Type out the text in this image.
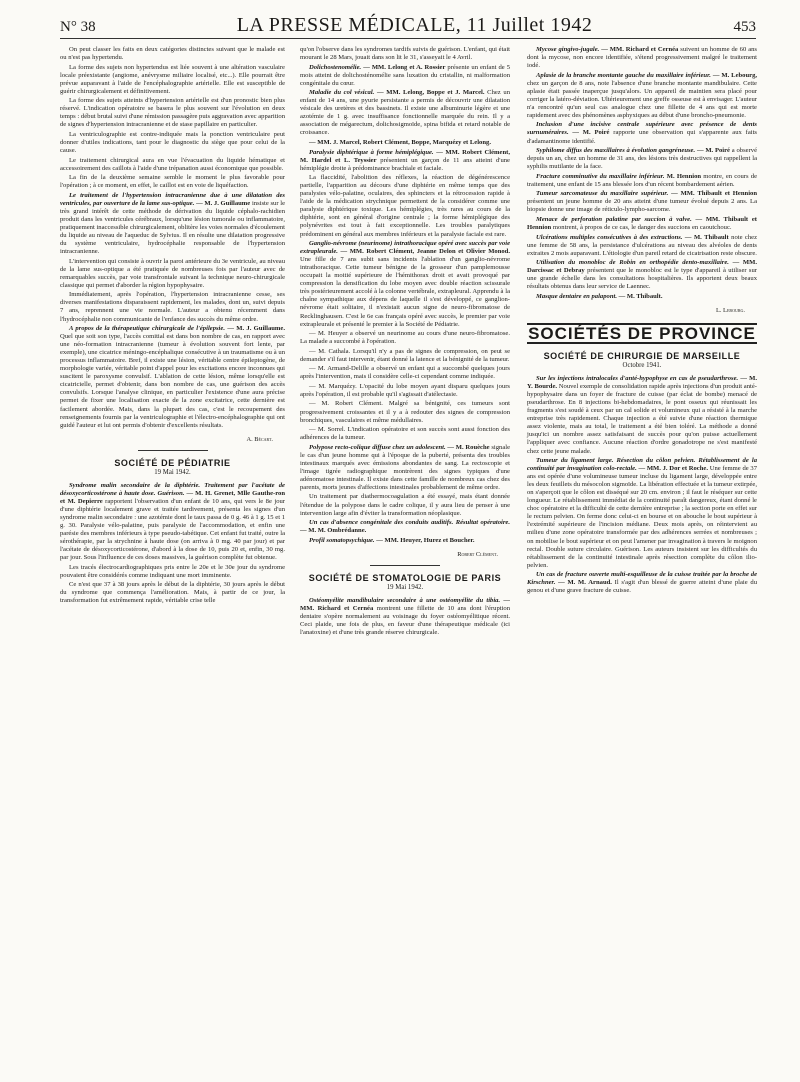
N° 38	LA PRESSE MÉDICALE, 11 Juillet 1942	453

On peut classer les faits en deux catégories distinctes suivant que le malade est ou n'est pas hypertendu.

La forme des sujets non hypertendus est liée souvent à une altération vasculaire locale préexistante (angiome, anévrysme miliaire localisé, etc...). Elle pourrait être prévue auparavant à l'aide de l'encéphalographie artérielle. Elle est susceptible de guérir chirurgicalement et définitivement.

La forme des sujets atteints d'hypertension artérielle est d'un pronostic bien plus réservé. L'indication opératoire se basera le plus souvent sur l'évolution en deux temps : début brutal suivi d'une rémission passagère puis aggravation avec apparition de signes d'hypertension intracranienne et de stase papillaire en particulier.

La ventriculographie est contre-indiquée mais la ponction ventriculaire peut donner d'utiles indications, tant pour le diagnostic du siège que pour celui de la cause.

Le traitement chirurgical aura en vue l'évacuation du liquide hématique et accessoirement des caillots à l'aide d'une trépanation aussi économique que possible.

La fin de la deuxième semaine semble le moment le plus favorable pour l'opération ; à ce moment, en effet, le caillot est en voie de liquéfaction.

Le traitement de l'hypertension intracranienne due à une dilatation des ventricules, par ouverture de la lame sus-optique. — M. J. Guillaume insiste sur le très grand intérêt de cette méthode de dérivation du liquide céphalo-rachidien produit dans les ventricules cérébraux, lorsqu'une lésion tumorale ou inflammatoire, pratiquement inaccessible chirurgicalement, oblitère les voies normales d'écoulement du liquide au niveau de l'aqueduc de Sylvius. Il en résulte une dilatation progressive du système ventriculaire, hydrocéphalie responsable de l'hypertension intracranienne.

L'intervention qui consiste à ouvrir la paroi antérieure du 3e ventricule, au niveau de la lame sus-optique a été pratiquée de nombreuses fois par l'auteur avec de remarquables succès, par voie transfrontale suivant la technique neuro-chirurgicale classique qui permet d'aborder la région hypophysaire.

Immédiatement, après l'opération, l'hypertension intracranienne cesse, ses diverses manifestations disparaissent rapidement, les malades, dont un, suivi depuis 7 ans, reprennent une vie normale. L'auteur a obtenu récemment dans l'hydrocéphalie non communicante de l'enfance des succès du même ordre.

A propos de la thérapeutique chirurgicale de l'épilepsie. — M. J. Guillaume. Quel que soit son type, l'accès comitial est dans bon nombre de cas, en rapport avec une néo-formation intracranienne (tumeur à évolution souvent fort lente, par exemple), une cicatrice méningo-encéphalique consécutive à un traumatisme ou à un processus inflammatoire. Bref, il existe une lésion, véritable centre épileptogène, de morphologie variée, véritable point d'appel pour les excitations encore inconnues qui suscitent le paroxysme convulsif. L'ablation de cette lésion, même lorsqu'elle est cicatricielle, permet d'obtenir, dans bon nombre de cas, une guérison des accès convulsifs. Lorsque l'analyse clinique, en particulier l'existence d'une aura précise permet de fixer une localisation exacte de la zone excitatrice, cette dernière est facilement abordée. Mais, dans la plupart des cas, c'est le recoupement des renseignements fournis par la ventriculographie et l'électro-encéphalographie qui ont guidé l'auteur et lui ont permis d'obtenir d'excellents résultats.

A. Bécart.
SOCIÉTÉ DE PÉDIATRIE
19 Mai 1942.

Syndrome malin secondaire de la diphtérie. Traitement par l'acétate de désoxycorticostérone à haute dose. Guérison. — M. H. Grenet, Mlle Gauthe-ron et M. Depierre rapportent l'observation d'un enfant de 10 ans, qui vers le 8e jour d'une diphtérie localement grave et traitée tardivement, présenta les signes d'un syndrome malin secondaire : une azotémie dont le taux passa de 0 g. 46 à 1 g. 15 et 1 g. 30. Paralysie vélo-palatine, puis paralysie de l'accommodation, et enfin une parésie des membres inférieurs à type pseudo-tabétique. Cet enfant fut traité, outre la sérothérapie, par la strychnine à haute dose (on arriva à 0 mg. 40 par jour) et par l'acétate de désoxycorticostérone, d'abord à la dose de 10, puis 20 et, enfin, 30 mg. par jour. Sous l'influence de ces doses massives, la guérison complète fut obtenue.

Les tracés électrocardiographiques pris entre le 20e et le 30e jour du syndrome pouvaient être considérés comme indiquant une mort imminente.

Ce n'est que 37 à 38 jours après le début de la diphtérie, 30 jours après le début du syndrome que commença l'amélioration. Mais, à partir de ce jour, la transformation fut extrêmement rapide, véritable crise telle

qu'on l'observe dans les syndromes tardifs suivis de guérison. L'enfant, qui était mourant le 28 Mars, jouait dans son lit le 31, s'asseyait le 4 Avril.

Dolichostenomélie. — MM. Lelong et A. Rossier présente un enfant de 5 mois atteint de dolichosténomélie sans luxation du cristallin, ni malformation congénitale du cœur.

Maladie du col vésical. — MM. Lelong, Boppe et J. Marcel. Chez un enfant de 14 ans, une pyurie persistante a permis de découvrir une dilatation vésicale des uretères et des bassinets. Il existe une albuminurie légère et une azotémie de 1 g. avec insuffisance fonctionnelle marquée du rein. Il y a association de mégarectum, dolichosigmoïde, spina bifida et retard notable de croissance.

— MM. J. Marcel, Robert Clément, Boppe, Marquézy et Lelong.

Paralysie diphtérique à forme hémiplégique. — MM. Robert Clément, M. Hardel et L. Teyssier présentent un garçon de 11 ans atteint d'une hémiplégie droite à prédominance brachiale et faciale.

La flaccidité, l'abolition des réflexes, la réaction de dégénérescence partielle, l'apparition au décours d'une diphtérie en même temps que des paralysies vélo-palatine, oculaires, des sphincters et la rétrocession rapide à l'aide de la médication strychnique permettent de la considérer comme une paralysie diphtérique toxique. Les hémiplégies, très rares au cours de la diphtérie, sont en général d'origine centrale ; la forme hémiplégique des polynévrites est tout à fait exceptionnelle. Les troubles paralytiques prédominent en général aux membres inférieurs et la paralysie faciale est rare.

Ganglio-névrome (neurinome) intrathoracique opéré avec succès par voie extrapleurale. — MM. Robert Clément, Jeanne Delon et Olivier Monod. Une fille de 7 ans subit sans incidents l'ablation d'un ganglio-névrome intrathoracique. Cette tumeur bénigne de la grosseur d'un pamplemousse occupait la moitié supérieure de l'hémithorax droit et avait provoqué par compression la densification du lobe moyen avec double réaction scissurale très postérieurement accolé à la colonne vertébrale, extrapleural. Apprendu à la chaîne sympathique aux dépens de laquelle il s'est développé, ce ganglion-névrome était solitaire, il n'existait aucun signe de neuro-fibromatose de Recklinghausen. C'est le 6e cas français opéré avec succès, le premier par voie extrapleurale et présenté le premier à la Société de Pédiatrie.

— M. Heuyer a observé un neurinome au cours d'une neuro-fibromatose. La malade a succombé à l'opération.

— M. Cathala. Lorsqu'il n'y a pas de signes de compression, on peut se demander s'il faut intervenir, étant donné la latence et la bénignité de la tumeur.

— M. Armand-Delille a observé un enfant qui a succombé quelques jours après l'intervention, mais il considère celle-ci cependant comme indiquée.

— M. Marquézy. L'opacité du lobe moyen ayant disparu quelques jours après l'opération, il est probable qu'il s'agissait d'atélectasie.

— M. Robert Clément. Malgré sa bénignité, ces tumeurs sont progressivement croissantes et il y a à redouter des signes de compression bronchiques, vasculaires et même médullaires.

— M. Sorrel. L'indication opératoire et son succès sont aussi fonction des adhérences de la tumeur.

Polypose recto-colique diffuse chez un adolescent. — M. Rouèche signale le cas d'un jeune homme qui à l'époque de la puberté, présenta des troubles intestinaux marqués avec émissions abondantes de sang. La rectoscopie et l'image tigrée radiographique montrèrent des signes typiques d'une adénomatose intestinale. Il existe dans cette famille de nombreux cas chez des parents, morts jeunes d'affections intestinales probablement de même ordre.

Un traitement par diathermocoagulation a été essayé, mais étant donnée l'étendue de la polypose dans le cadre colique, il y aura lieu de penser à une intervention large afin d'éviter la transformation néoplasique.

Un cas d'absence congénitale des conduits auditifs. Résultat opératoire. — M. M. Ombrédanne.

Profil somatopsychique. — MM. Heuyer, Hurez et Boucher.

Robert Clément.
SOCIÉTÉ DE STOMATOLOGIE DE PARIS
19 Mai 1942.

Ostéomyélite mandibulaire secondaire à une ostéomyélite du tibia. — MM. Richard et Cernéa montrent une fillette de 10 ans dont l'éruption dentaire s'opère normalement au voisinage du foyer ostéomyélitique récent. Ceci plaide, une fois de plus, en faveur d'une thérapeutique médicale (ici l'anatoxine) et d'une très grande réserve chirurgicale.

Mycose gingivo-jugale. — MM. Richard et Cernéa suivent un homme de 60 ans dont la mycose, non encore identifiée, s'étend progressivement malgré le traitement iodé.

Aplasie de la branche montante gauche du maxillaire inférieur. — M. Lebourg, chez un garçon de 8 ans, note l'absence d'une branche montante mandibulaire. Cette aplasie était passée inaperçue jusqu'alors. Un appareil de maintien sera placé pour corriger la latéro-déviation. Ultérieurement une greffe osseuse est à envisager. L'auteur n'a rencontré qu'un seul cas analogue chez une fillette de 4 ans qui est morte rapidement avec des phénomènes asphyxiques au début d'une broncho-pneumonie.

Inclusion d'une incisive centrale supérieure avec présence de dents surnuméraires. — M. Poiré rapporte une observation qui s'apparente aux faits d'adamantinome identifié.

Syphilome diffus des maxillaires à évolution gangréneuse. — M. Poiré a observé depuis un an, chez un homme de 31 ans, des lésions très destructives qui rappellent la syphilis mutilante de la face.

Fracture comminutive du maxillaire inférieur. M. Hennion montre, en cours de traitement, une enfant de 15 ans blessée lors d'un récent bombardement aérien.

Tumeur sarcomateuse du maxillaire supérieur. — MM. Thibault et Hennion présentent un jeune homme de 20 ans atteint d'une tumeur évolué depuis 2 ans. La biopsie donne une image de réticulo-lympho-sarcome.

Menace de perforation palatine par succion à valve. — MM. Thibault et Hennion montrent, à propos de ce cas, le danger des succions en caoutchouc.

Ulcérations multiples consécutives à des extractions. — M. Thibault note chez une femme de 58 ans, la persistance d'ulcérations au niveau des alvéoles de dents extraites 2 mois auparavant. L'étiologie d'un pareil retard de cicatrisation reste obscure.

Utilisation du monobloc de Robin en orthopédie dento-maxillaire. — MM. Darcissac et Debray présentent que le monobloc est le type d'appareil à utiliser sur une grande échelle dans les consultations hospitalières. Ils apportent deux beaux résultats obtenus dans leur service de Laennec.

Masque dentaire en palapont. — M. Thibault.

L. Lebourg.
SOCIÉTÉS DE PROVINCE
SOCIÉTÉ DE CHIRURGIE DE MARSEILLE
Octobre 1941.

Sur les injections intralocales d'anté-hypophyse en cas de pseudarthrose. — M. Y. Bourde. Nouvel exemple de consolidation rapide après injections d'un produit anté-hypophysaire dans un foyer de fracture de cuisse (par éclat de bombe) menacé de pseudarthrose. En 8 injections bi-hebdomadaires, le pont osseux qui réunissait les fragments s'est soudé à ceux par un cal solide et volumineux qui a résisté à la marche entreprise très rapidement. Chaque injection a été suivie d'une réaction thermique assez violente, mais au total, le traitement a été bien toléré. La méthode a donné jusqu'ici un nombre assez satisfaisant de succès pour qu'on puisse actuellement l'appliquer avec confiance. Aucune réaction d'ordre gonadotrope ne s'est manifesté chez cette jeune malade.

Tumeur du ligament large. Résection du côlon pelvien. Rétablissement de la continuité par invagination colo-rectale. — MM. J. Dor et Roche. Une femme de 37 ans est opérée d'une volumineuse tumeur incluse du ligament large, développée entre les deux feuillets du mésocolon sigmoïde. La libération effectuée et la tumeur extirpée, on s'aperçoit que le côlon est disséqué sur 20 cm. environ ; il faut le réséquer sur cette longueur. Le rétablissement immédiat de la continuité paraît dangereux, étant donné le choc opératoire et la difficulté de cette dernière entreprise ; la section porte en effet sur le rectum pelvien. On ferme donc celui-ci en bourse et on abouche le bout supérieur à l'extrémité supérieure de l'incision médiane. Deux mois après, on réintervient au milieu d'une zone opératoire transformée par des adhérences serrées et nombreuses ; on mobilise le bout supérieur et on peut l'amener par invagination à travers le moignon rectal. Double suture circulaire. Guérison. Les auteurs insistent sur les difficultés du rétablissement de la continuité intestinale après résection complète du côlon ilio-pelvien.

Un cas de fracture ouverte multi-esquilleuse de la cuisse traitée par la broche de Kirschner. — M. M. Arnaud. Il s'agit d'un blessé de guerre atteint d'une plaie du genou et d'une grave fracture de cuisse.
